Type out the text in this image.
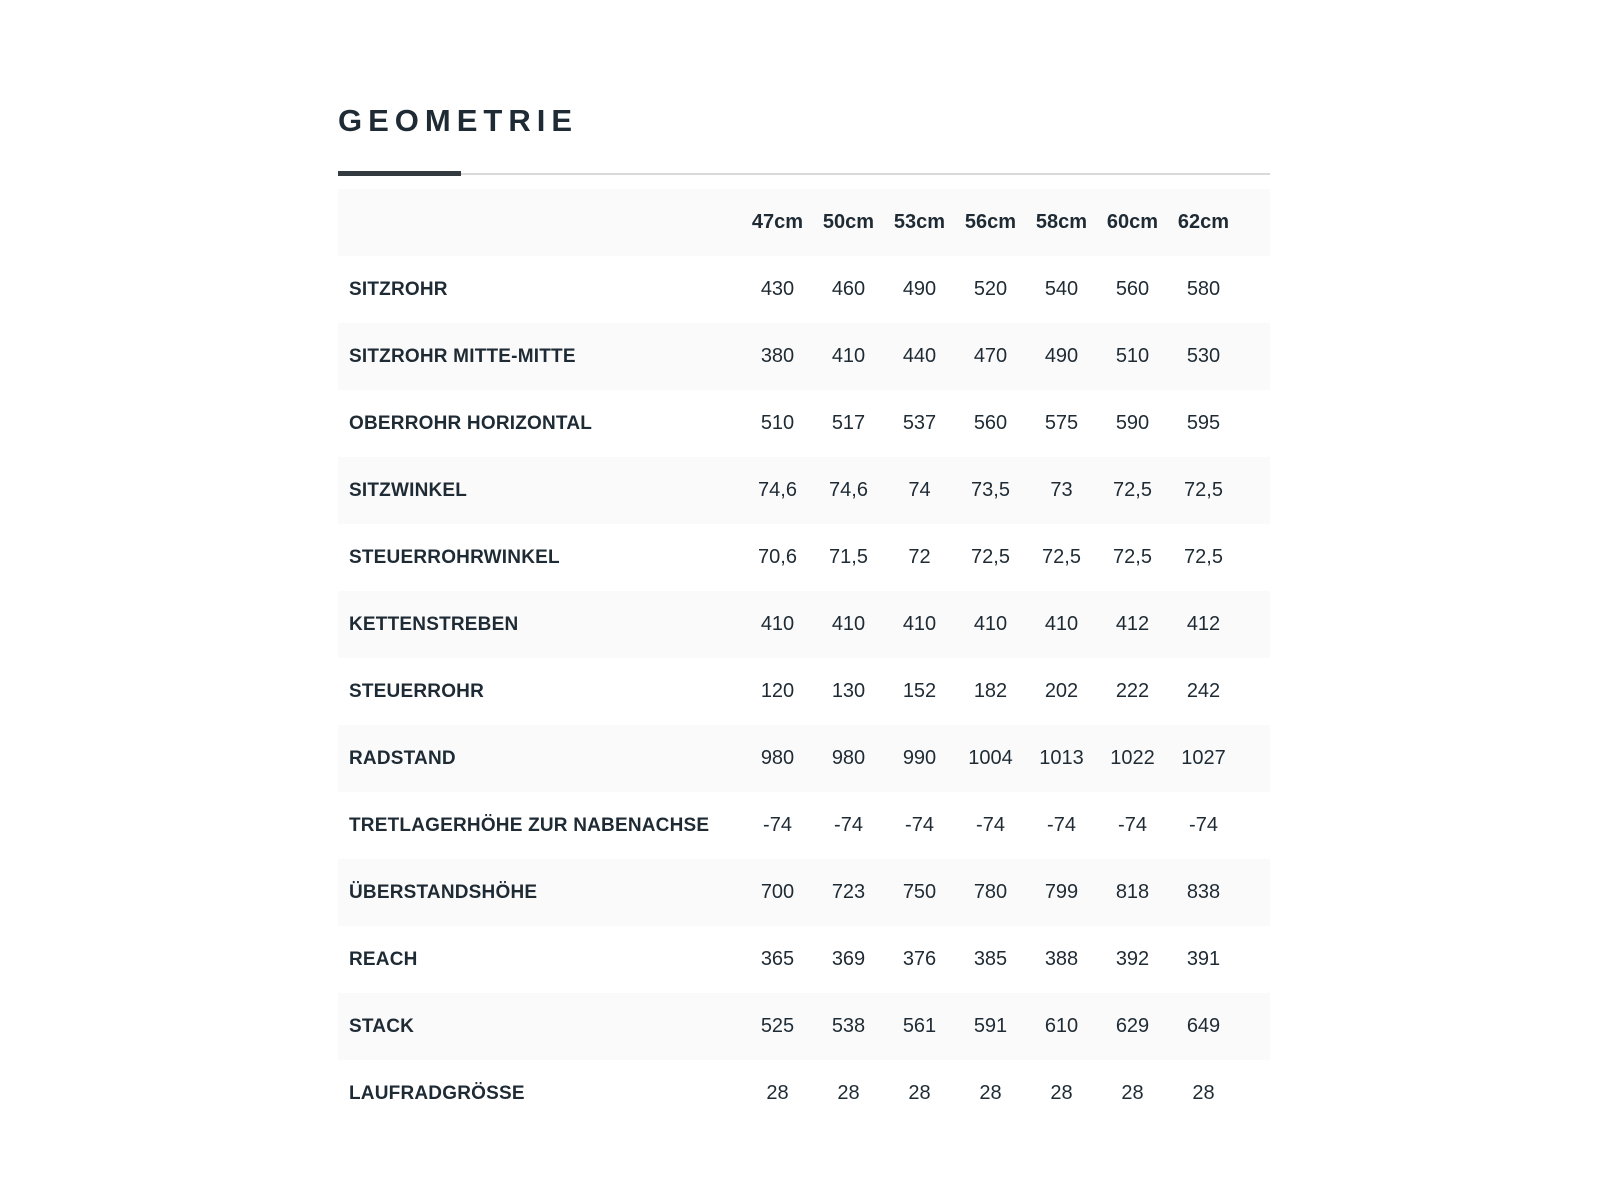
GEOMETRIE
	47cm	50cm	53cm	56cm	58cm	60cm	62cm	
SITZROHR	430	460	490	520	540	560	580	
SITZROHR MITTE-MITTE	380	410	440	470	490	510	530	
OBERROHR HORIZONTAL	510	517	537	560	575	590	595	
SITZWINKEL	74,6	74,6	74	73,5	73	72,5	72,5	
STEUERROHRWINKEL	70,6	71,5	72	72,5	72,5	72,5	72,5	
KETTENSTREBEN	410	410	410	410	410	412	412	
STEUERROHR	120	130	152	182	202	222	242	
RADSTAND	980	980	990	1004	1013	1022	1027	
TRETLAGERHÖHE ZUR NABENACHSE	-74	-74	-74	-74	-74	-74	-74	
ÜBERSTANDSHÖHE	700	723	750	780	799	818	838	
REACH	365	369	376	385	388	392	391	
STACK	525	538	561	591	610	629	649	
LAUFRADGRÖSSE	28	28	28	28	28	28	28	
